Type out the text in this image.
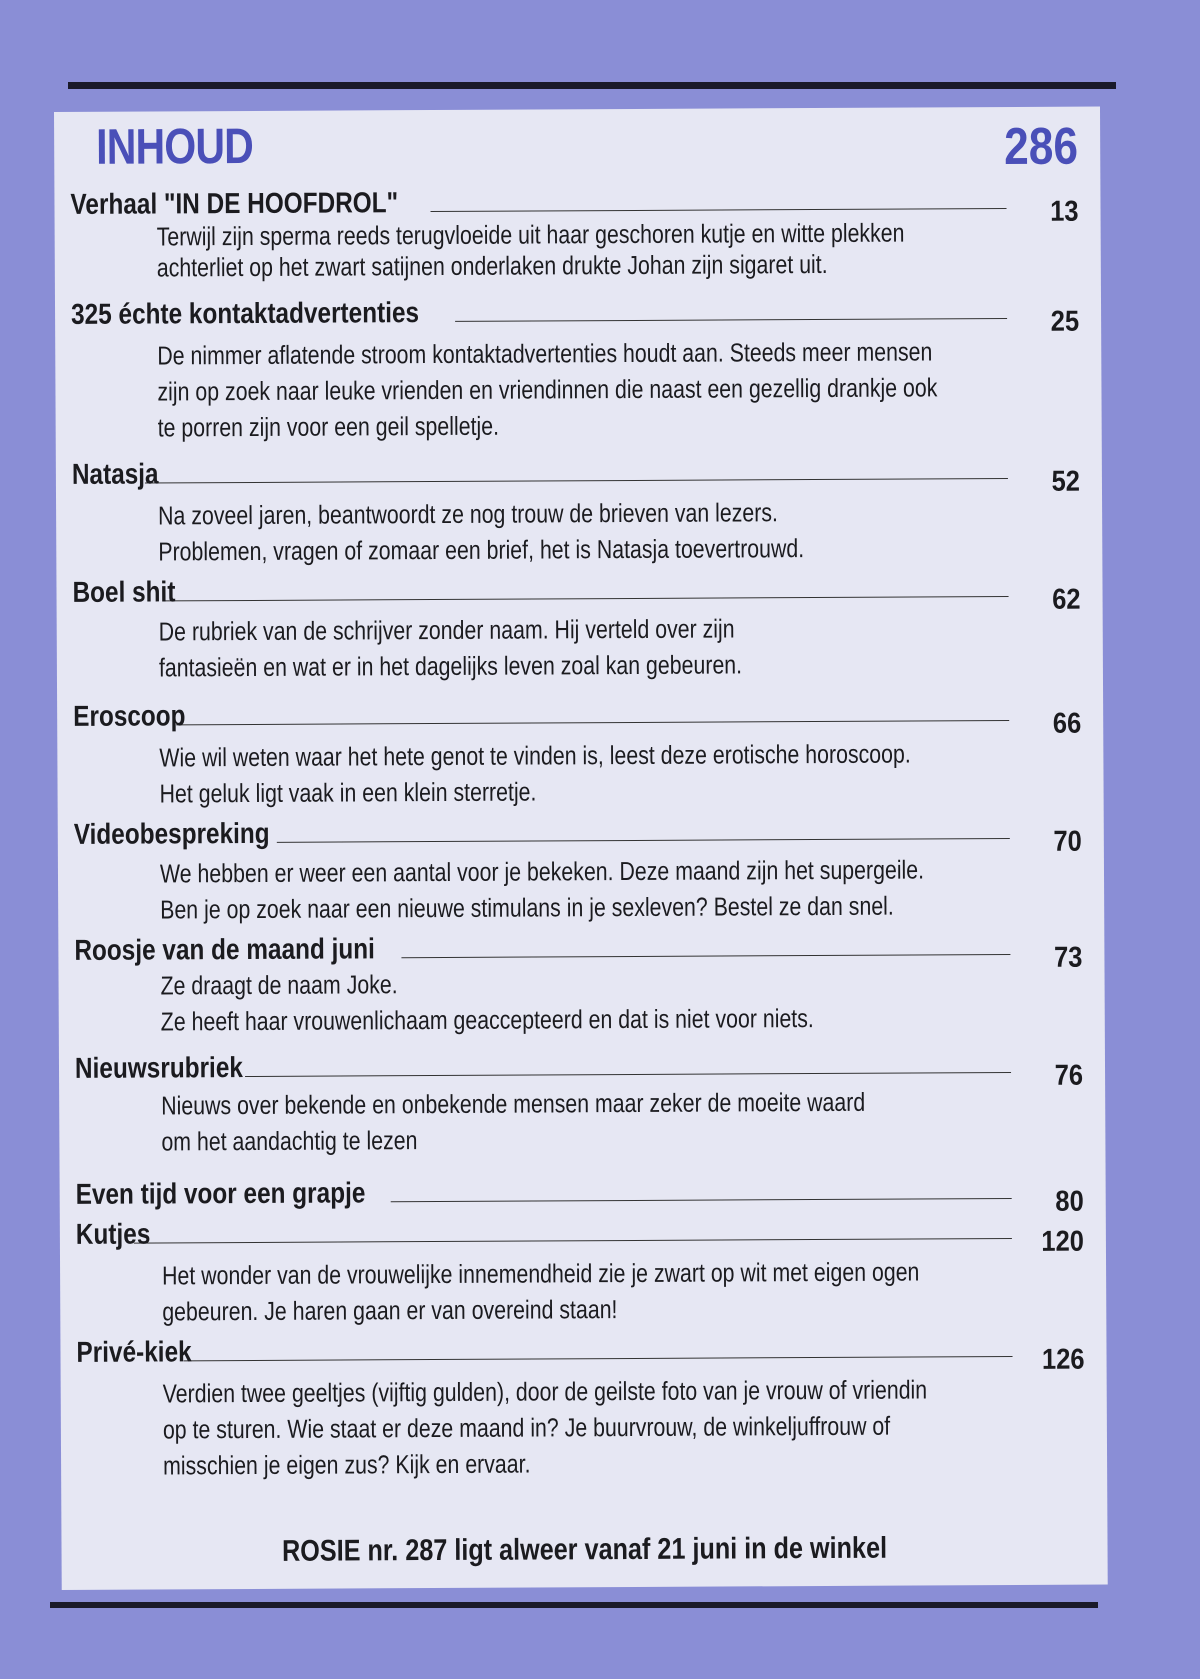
INHOUD	286
Verhaal "IN DE HOOFDROL"	13
Terwijl zijn sperma reeds terugvloeide uit haar geschoren kutje en witte plekken
achterliet op het zwart satijnen onderlaken drukte Johan zijn sigaret uit.
325 échte kontaktadvertenties	25
De nimmer aflatende stroom kontaktadvertenties houdt aan. Steeds meer mensen
zijn op zoek naar leuke vrienden en vriendinnen die naast een gezellig drankje ook
te porren zijn voor een geil spelletje.
Natasja	52
Na zoveel jaren, beantwoordt ze nog trouw de brieven van lezers.
Problemen, vragen of zomaar een brief, het is Natasja toevertrouwd.
Boel shit	62
De rubriek van de schrijver zonder naam. Hij verteld over zijn
fantasieën en wat er in het dagelijks leven zoal kan gebeuren.
Eroscoop	66
Wie wil weten waar het hete genot te vinden is, leest deze erotische horoscoop.
Het geluk ligt vaak in een klein sterretje.
Videobespreking	70
We hebben er weer een aantal voor je bekeken. Deze maand zijn het supergeile.
Ben je op zoek naar een nieuwe stimulans in je sexleven? Bestel ze dan snel.
Roosje van de maand juni	73
Ze draagt de naam Joke.
Ze heeft haar vrouwenlichaam geaccepteerd en dat is niet voor niets.
Nieuwsrubriek	76
Nieuws over bekende en onbekende mensen maar zeker de moeite waard
om het aandachtig te lezen
Even tijd voor een grapje	80
Kutjes	120
Het wonder van de vrouwelijke innemendheid zie je zwart op wit met eigen ogen
gebeuren. Je haren gaan er van overeind staan!
Privé-kiek	126
Verdien twee geeltjes (vijftig gulden), door de geilste foto van je vrouw of vriendin
op te sturen. Wie staat er deze maand in? Je buurvrouw, de winkeljuffrouw of
misschien je eigen zus? Kijk en ervaar.
ROSIE nr. 287 ligt alweer vanaf 21 juni in de winkel
